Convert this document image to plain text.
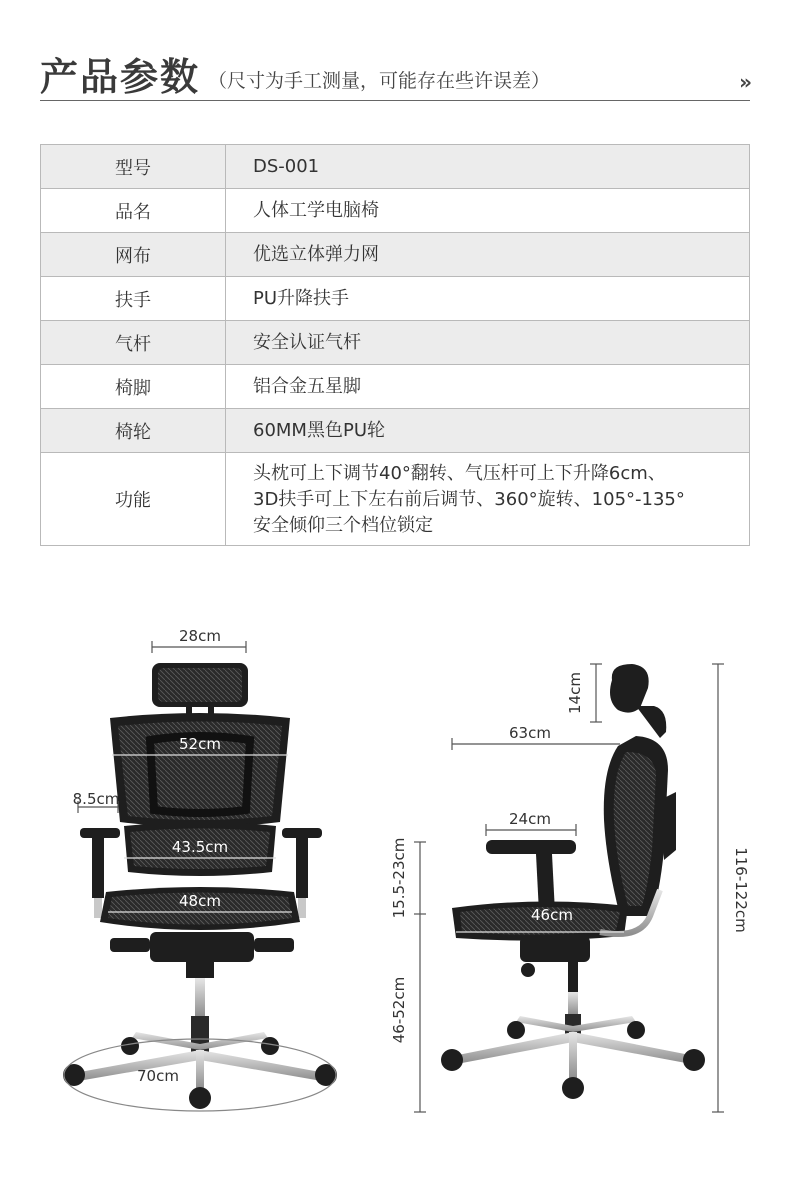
产品参数 （尺寸为手工测量，可能存在些许误差）	»
型号	DS-001

品名	人体工学电脑椅

网布	优选立体弹力网

扶手	PU升降扶手

气杆	安全认证气杆

椅脚	铝合金五星脚

椅轮	60MM黑色PU轮

功能	头枕可上下调节40°翻转、气压杆可上下升降6cm、
3D扶手可上下左右前后调节、360°旋转、105°-135°
安全倾仰三个档位锁定
28cm
52cm
8.5cm
43.5cm
48cm
70cm
14cm
63cm
24cm
46cm
15.5-23cm
46-52cm
116-122cm
